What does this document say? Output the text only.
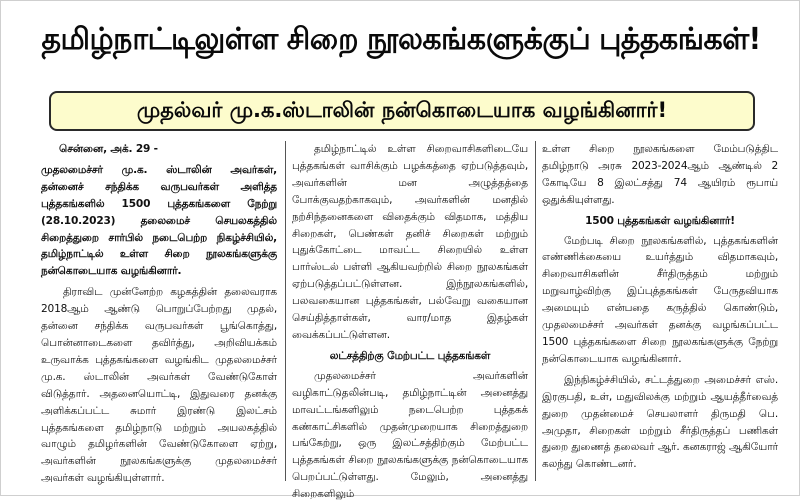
தமிழ்நாட்டிலுள்ள சிறை நூலகங்களுக்குப் புத்தகங்கள்!
முதல்வர் மு.க.ஸ்டாலின் நன்கொடையாக வழங்கினார்!

சென்னை, அக். 29 -

முதலமைச்சர் மு.க. ஸ்டாலின் அவர்கள், தன்னைச் சந்திக்க வருபவர்கள் அளித்த புத்தகங்களில் 1500 புத்தகங்களை நேற்று (28.10.2023) தலைமைச் செயலகத்தில் சிறைத்துறை சார்பில் நடைபெற்ற நிகழ்ச்சியில், தமிழ்நாட்டில் உள்ள சிறை நூலகங்களுக்கு நன்கொடையாக வழங்கினார்.

திராவிட முன்னேற்ற கழகத்தின் தலைவராக 2018ஆம் ஆண்டு பொறுப்பேற்றது முதல், தன்னை சந்திக்க வருபவர்கள் பூங்கொத்து, பொன்னாடைகளை தவிர்த்து, அறிவியக்கம் உருவாக்க புத்தகங்களை வழங்கிட முதலமைச்சர் மு.க. ஸ்டாலின் அவர்கள் வேண்டுகோள் விடுத்தார். அதனையொட்டி, இதுவரை தனக்கு அளிக்கப்பட்ட சுமார் இரண்டு இலட்சம் புத்தகங்களை தமிழ்நாடு மற்றும் அயலகத்தில் வாழும் தமிழர்களின் வேண்டுகோளை ஏற்று, அவர்களின் நூலகங்களுக்கு முதலமைச்சர் அவர்கள் வழங்கியுள்ளார்.

தமிழ்நாட்டில் உள்ள சிறைவாசிகளிடையே புத்தகங்கள் வாசிக்கும் பழக்கத்தை ஏற்படுத்தவும், அவர்களின் மன அழுத்தத்தை போக்குவதற்காகவும், அவர்களின் மனதில் நற்சிந்தனைகளை விதைக்கும் விதமாக, மத்திய சிறைகள், பெண்கள் தனிச் சிறைகள் மற்றும் புதுக்கோட்டை மாவட்ட சிறையில் உள்ள பார்ஸ்டல் பள்ளி ஆகியவற்றில் சிறை நூலகங்கள் ஏற்படுத்தப்பட்டுள்ளன. இந்நூலகங்களில், பலவகையான புத்தகங்கள், பல்வேறு வகையான செய்தித்தாள்கள், வார/மாத இதழ்கள் வைக்கப்பட்டுள்ளன.

லட்சத்திற்கு மேற்பட்ட புத்தகங்கள்

முதலமைச்சர் அவர்களின் வழிகாட்டுதலின்படி, தமிழ்நாட்டின் அனைத்து மாவட்டங்களிலும் நடைபெற்ற புத்தகக் கண்காட்சிகளில் முதன்முறையாக சிறைத்துறை பங்கேற்று, ஒரு இலட்சத்திற்கும் மேற்பட்ட புத்தகங்கள் சிறை நூலகங்களுக்கு நன்கொடையாக பெறப்பட்டுள்ளது. மேலும், அனைத்து சிறைகளிலும்

உள்ள சிறை நூலகங்களை மேம்படுத்திட தமிழ்நாடு அரசு 2023-2024ஆம் ஆண்டில் 2 கோடியே 8 இலட்சத்து 74 ஆயிரம் ரூபாய் ஒதுக்கியுள்ளது.

1500 புத்தகங்கள் வழங்கினார்!

மேற்படி சிறை நூலகங்களில், புத்தகங்களின் எண்ணிக்கையை உயர்த்தும் விதமாகவும், சிறைவாசிகளின் சீர்திருத்தம் மற்றும் மறுவாழ்விற்கு இப்புத்தகங்கள் பேருதவியாக அமையும் என்பதை கருத்தில் கொண்டும், முதலமைச்சர் அவர்கள் தனக்கு வழங்கப்பட்ட 1500 புத்தகங்களை சிறை நூலகங்களுக்கு நேற்று நன்கொடையாக வழங்கினார்.

இந்நிகழ்ச்சியில், சட்டத்துறை அமைச்சர் எஸ். இரகுபதி, உள், மதுவிலக்கு மற்றும் ஆயத்தீர்வைத் துறை முதன்மைச் செயலாளர் திருமதி பெ. அமுதா, சிறைகள் மற்றும் சீர்திருத்தப் பணிகள் துறை துணைத் தலைவர் ஆர். கனகராஜ் ஆகியோர் கலந்து கொண்டனர்.
